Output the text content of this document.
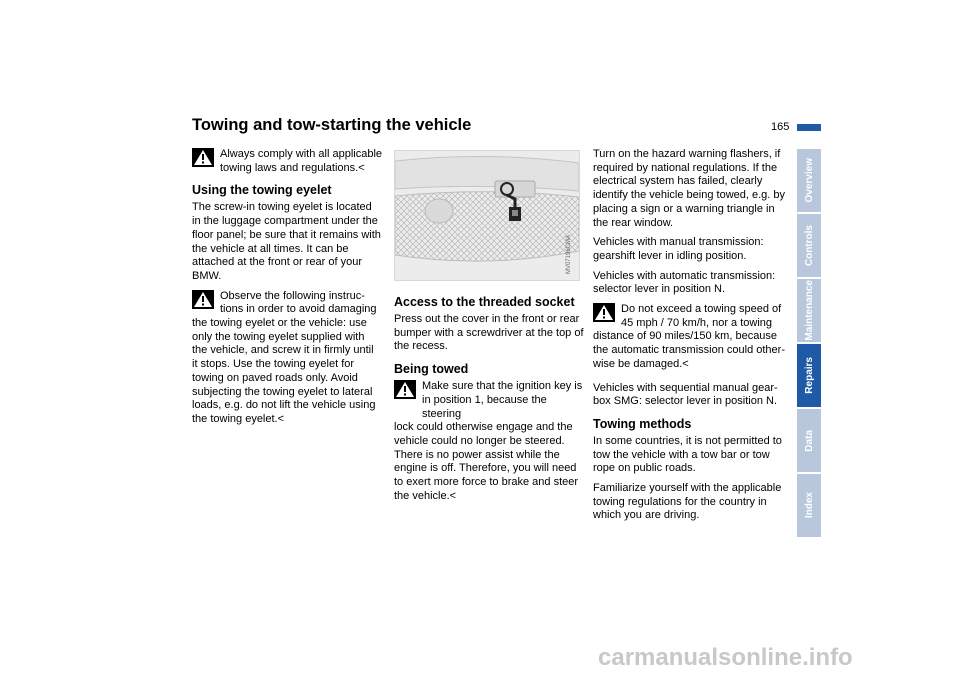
Towing and tow-starting the vehicle	165
Always comply with all applicable towing laws and regulations.<
Using the towing eyelet

The screw-in towing eyelet is located in the luggage compartment under the floor panel; be sure that it remains with the vehicle at all times. It can be attached at the front or rear of your BMW.

Observe the following instruc-tions in order to avoid damaging
the towing eyelet or the vehicle: use only the towing eyelet supplied with the vehicle, and screw it in firmly until it stops. Use the towing eyelet for towing on paved roads only. Avoid subjecting the towing eyelet to lateral loads, e.g. do not lift the vehicle using the towing eyelet.<
MV07196CMA
Access to the threaded socket

Press out the cover in the front or rear bumper with a screwdriver at the top of the recess.

Being towed
Make sure that the ignition key is in position 1, because the steering
lock could otherwise engage and the vehicle could no longer be steered. There is no power assist while the engine is off. Therefore, you will need to exert more force to brake and steer the vehicle.<

Turn on the hazard warning flashers, if required by national regulations. If the electrical system has failed, clearly identify the vehicle being towed, e.g. by placing a sign or a warning triangle in the rear window.

Vehicles with manual transmission: gearshift lever in idling position.

Vehicles with automatic transmission: selector lever in position N.

Do not exceed a towing speed of 45 mph / 70 km/h, nor a towing
distance of 90 miles/150 km, because the automatic transmission could other-wise be damaged.<

Vehicles with sequential manual gear-box SMG: selector lever in position N.

Towing methods

In some countries, it is not permitted to tow the vehicle with a tow bar or tow rope on public roads.

Familiarize yourself with the applicable towing regulations for the country in which you are driving.

Overview
Controls
Maintenance
Repairs
Data
Index
carmanualsonline.info
